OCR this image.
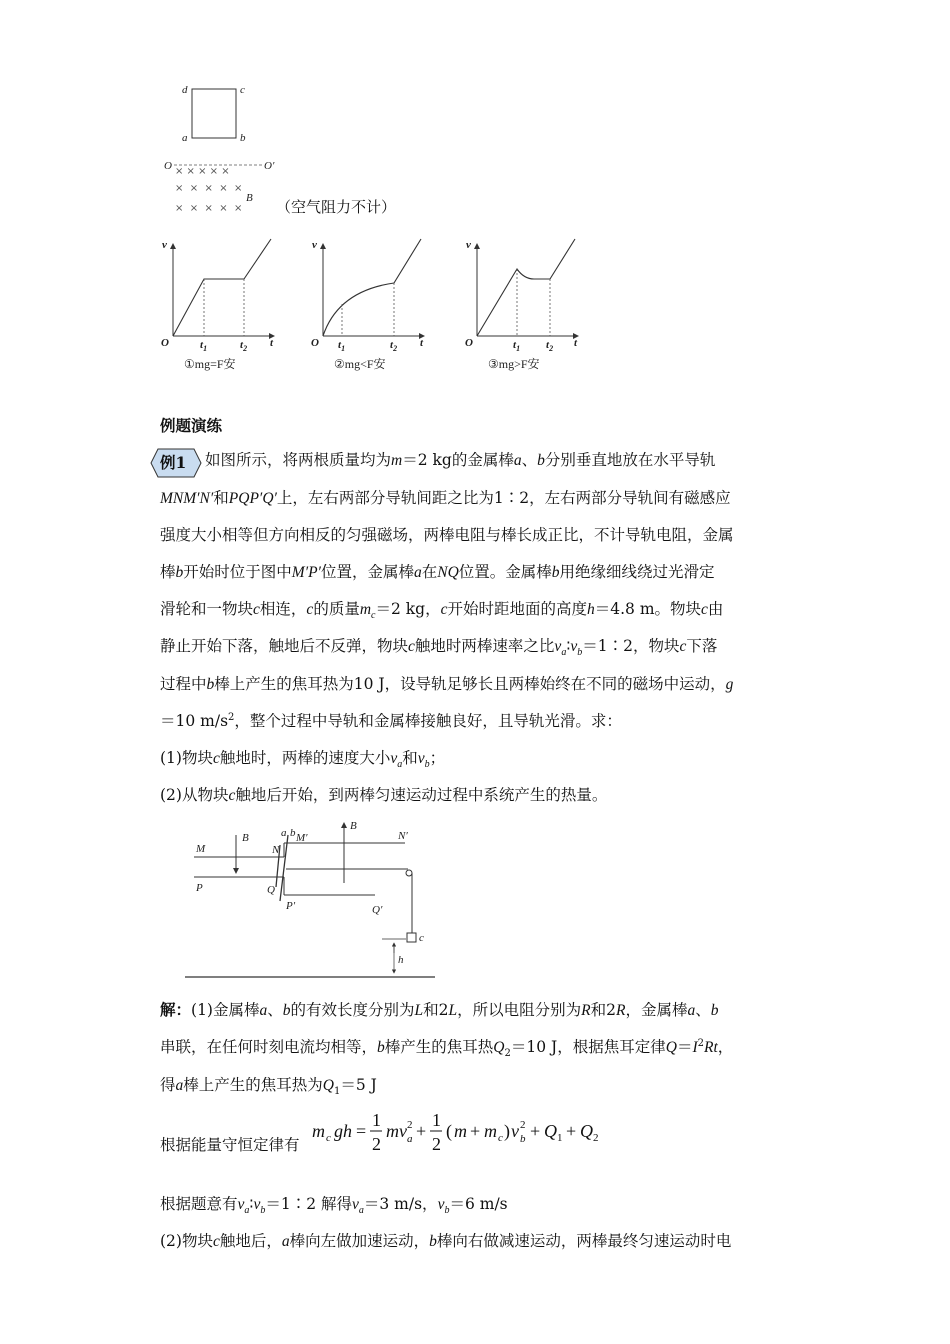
d	c
a	b
O	O′
× × × × ×
×  ×  ×  ×  ×
×  ×  ×  ×  ×
B （空气阻力不计）
v
O	t
$t_1$	$t_2$
①mg=F安
v
O	t
$t_1$	$t_2$
②mg<F安
v
O	t
$t_1$ $t_2$
③mg>F安
例题演练
例1 如图所示，将两根质量均为m＝2 kg的金属棒a、b分别垂直地放在水平导轨
MNM′N′和PQP′Q′上，左右两部分导轨间距之比为1∶2，左右两部分导轨间有磁感应
强度大小相等但方向相反的匀强磁场，两棒电阻与棒长成正比，不计导轨电阻，金属
棒b开始时位于图中M′P′位置，金属棒a在NQ位置。金属棒b用绝缘细线绕过光滑定
滑轮和一物块c相连，c的质量$m_c=2$ kg，c开始时距地面的高度h＝4.8 m。物块c由
静止开始下落，触地后不反弹，物块c触地时两棒速率之比$v_a∶v_b=1∶2$，物块c下落
过程中b棒上产生的焦耳热为10 J，设导轨足够长且两棒始终在不同的磁场中运动，g
＝10 $m/s^2$，整个过程中导轨和金属棒接触良好，且导轨光滑。求：
(1)物块c触地时，两棒的速度大小$v_a$和$v_b$；
(2)从物块c触地后开始，到两棒匀速运动过程中系统产生的热量。
M
P
B
N
Q
a b M′
P′
B
N′
Q′
c
h
解：(1)金属棒a、b的有效长度分别为L和2L，所以电阻分别为R和2R，金属棒a、b
串联，在任何时刻电流均相等，b棒产生的焦耳热$Q_2=10$ J，根据焦耳定律$Q=I^2Rt$，
得a棒上产生的焦耳热为$Q_1=5$ J
根据能量守恒定律有
m c gh =
1
2
mv 2
a +
1
2
( m + m c ) v 2
b + Q 1 + Q 2
根据题意有$v_a∶v_b=1∶2$ 解得$v_a=3$ m/s，$v_b=6$ m/s
(2)物块c触地后，a棒向左做加速运动，b棒向右做减速运动，两棒最终匀速运动时电
